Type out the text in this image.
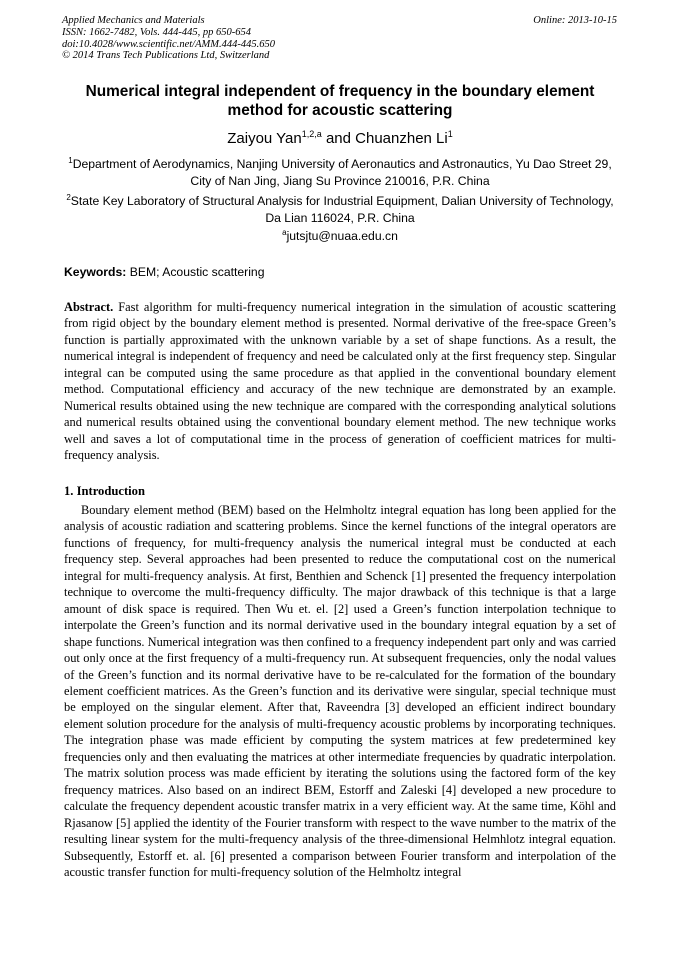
Applied Mechanics and Materials
ISSN: 1662-7482, Vols. 444-445, pp 650-654
doi:10.4028/www.scientific.net/AMM.444-445.650
© 2014 Trans Tech Publications Ltd, Switzerland
Online: 2013-10-15
Numerical integral independent of frequency in the boundary element method for acoustic scattering
Zaiyou Yan$^{1,2,a}$ and Chuanzhen Li$^1$
$^1$Department of Aerodynamics, Nanjing University of Aeronautics and Astronautics, Yu Dao Street 29, City of Nan Jing, Jiang Su Province 210016, P.R. China
$^2$State Key Laboratory of Structural Analysis for Industrial Equipment, Dalian University of Technology, Da Lian 116024, P.R. China
$^a$jutsjtu@nuaa.edu.cn
Keywords: BEM; Acoustic scattering
Abstract. Fast algorithm for multi-frequency numerical integration in the simulation of acoustic scattering from rigid object by the boundary element method is presented. Normal derivative of the free-space Green’s function is partially approximated with the unknown variable by a set of shape functions. As a result, the numerical integral is independent of frequency and need be calculated only at the first frequency step. Singular integral can be computed using the same procedure as that applied in the conventional boundary element method. Computational efficiency and accuracy of the new technique are demonstrated by an example. Numerical results obtained using the new technique are compared with the corresponding analytical solutions and numerical results obtained using the conventional boundary element method. The new technique works well and saves a lot of computational time in the process of generation of coefficient matrices for multi-frequency analysis.
1. Introduction
Boundary element method (BEM) based on the Helmholtz integral equation has long been applied for the analysis of acoustic radiation and scattering problems. Since the kernel functions of the integral operators are functions of frequency, for multi-frequency analysis the numerical integral must be conducted at each frequency step. Several approaches had been presented to reduce the computational cost on the numerical integral for multi-frequency analysis. At first, Benthien and Schenck [1] presented the frequency interpolation technique to overcome the multi-frequency difficulty. The major drawback of this technique is that a large amount of disk space is required. Then Wu et. el. [2] used a Green’s function interpolation technique to interpolate the Green’s function and its normal derivative used in the boundary integral equation by a set of shape functions. Numerical integration was then confined to a frequency independent part only and was carried out only once at the first frequency of a multi-frequency run. At subsequent frequencies, only the nodal values of the Green’s function and its normal derivative have to be re-calculated for the formation of the boundary element coefficient matrices. As the Green’s function and its derivative were singular, special technique must be employed on the singular element. After that, Raveendra [3] developed an efficient indirect boundary element solution procedure for the analysis of multi-frequency acoustic problems by incorporating techniques. The integration phase was made efficient by computing the system matrices at few predetermined key frequencies only and then evaluating the matrices at other intermediate frequencies by quadratic interpolation. The matrix solution process was made efficient by iterating the solutions using the factored form of the key frequency matrices. Also based on an indirect BEM, Estorff and Zaleski [4] developed a new procedure to calculate the frequency dependent acoustic transfer matrix in a very efficient way. At the same time, Köhl and Rjasanow [5] applied the identity of the Fourier transform with respect to the wave number to the matrix of the resulting linear system for the multi-frequency analysis of the three-dimensional Helmhlotz integral equation. Subsequently, Estorff et. al. [6] presented a comparison between Fourier transform and interpolation of the acoustic transfer function for multi-frequency solution of the Helmholtz integral
